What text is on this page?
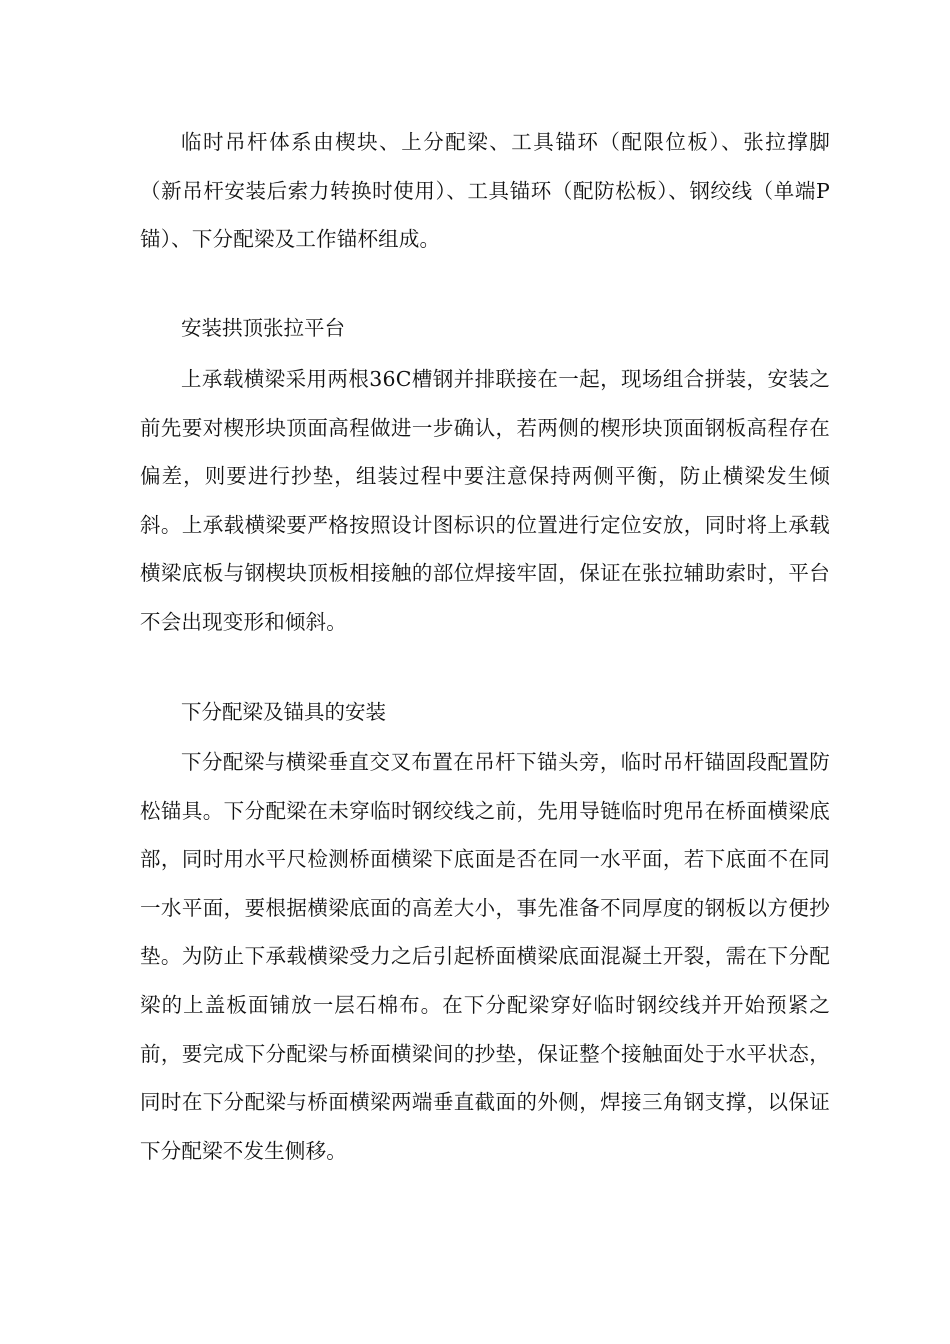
临时吊杆体系由楔块、上分配梁、工具锚环（配限位板）、张拉撑脚（新吊杆安装后索力转换时使用）、工具锚环（配防松板）、钢绞线（单端P锚）、下分配梁及工作锚杯组成。

安装拱顶张拉平台

上承载横梁采用两根36C槽钢并排联接在一起，现场组合拼装，安装之前先要对楔形块顶面高程做进一步确认，若两侧的楔形块顶面钢板高程存在偏差，则要进行抄垫，组装过程中要注意保持两侧平衡，防止横梁发生倾斜。上承载横梁要严格按照设计图标识的位置进行定位安放，同时将上承载横梁底板与钢楔块顶板相接触的部位焊接牢固，保证在张拉辅助索时，平台不会出现变形和倾斜。

下分配梁及锚具的安装

下分配梁与横梁垂直交叉布置在吊杆下锚头旁，临时吊杆锚固段配置防松锚具。下分配梁在未穿临时钢绞线之前，先用导链临时兜吊在桥面横梁底部，同时用水平尺检测桥面横梁下底面是否在同一水平面，若下底面不在同一水平面，要根据横梁底面的高差大小，事先准备不同厚度的钢板以方便抄垫。为防止下承载横梁受力之后引起桥面横梁底面混凝土开裂，需在下分配梁的上盖板面铺放一层石棉布。在下分配梁穿好临时钢绞线并开始预紧之前，要完成下分配梁与桥面横梁间的抄垫，保证整个接触面处于水平状态，同时在下分配梁与桥面横梁两端垂直截面的外侧，焊接三角钢支撑，以保证下分配梁不发生侧移。
